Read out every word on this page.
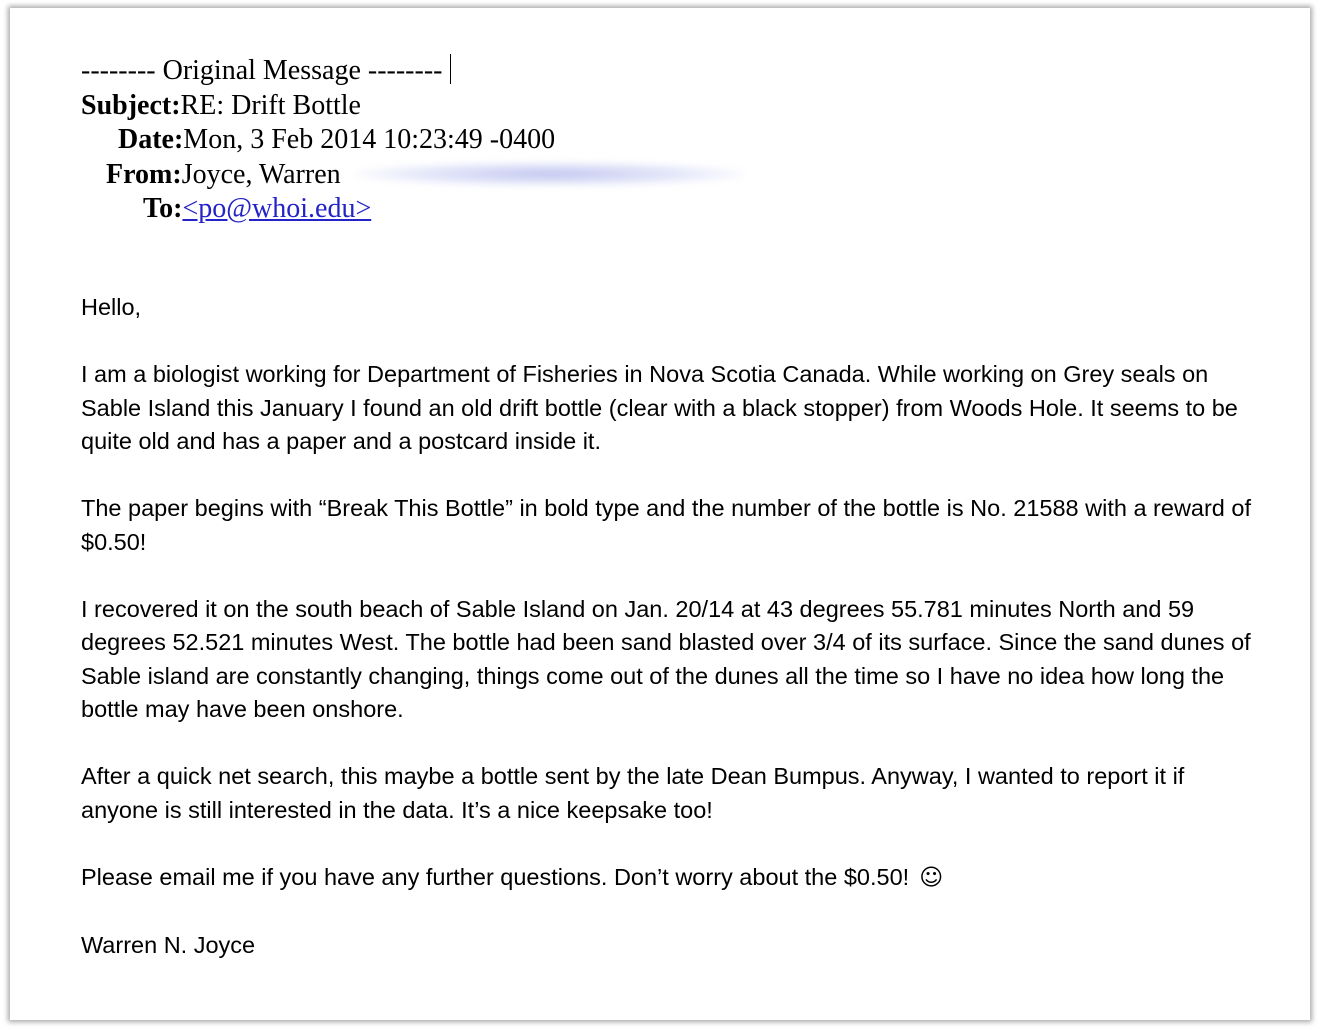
-------- Original Message --------
Subject:RE: Drift Bottle
Date:Mon, 3 Feb 2014 10:23:49 -0400
From:Joyce, Warren
To:<po@whoi.edu>

Hello,

I am a biologist working for Department of Fisheries in Nova Scotia Canada. While working on Grey seals on Sable Island this January I found an old drift bottle (clear with a black stopper) from Woods Hole. It seems to be quite old and has a paper and a postcard inside it.

The paper begins with “Break This Bottle” in bold type and the number of the bottle is No. 21588 with a reward of $0.50!

I recovered it on the south beach of Sable Island on Jan. 20/14 at 43 degrees 55.781 minutes North and 59 degrees 52.521 minutes West. The bottle had been sand blasted over 3/4 of its surface. Since the sand dunes of Sable island are constantly changing, things come out of the dunes all the time so I have no idea how long the bottle may have been onshore.

After a quick net search, this maybe a bottle sent by the late Dean Bumpus. Anyway, I wanted to report it if anyone is still interested in the data. It’s a nice keepsake too!

Please email me if you have any further questions. Don’t worry about the $0.50! ☺

Warren N. Joyce
